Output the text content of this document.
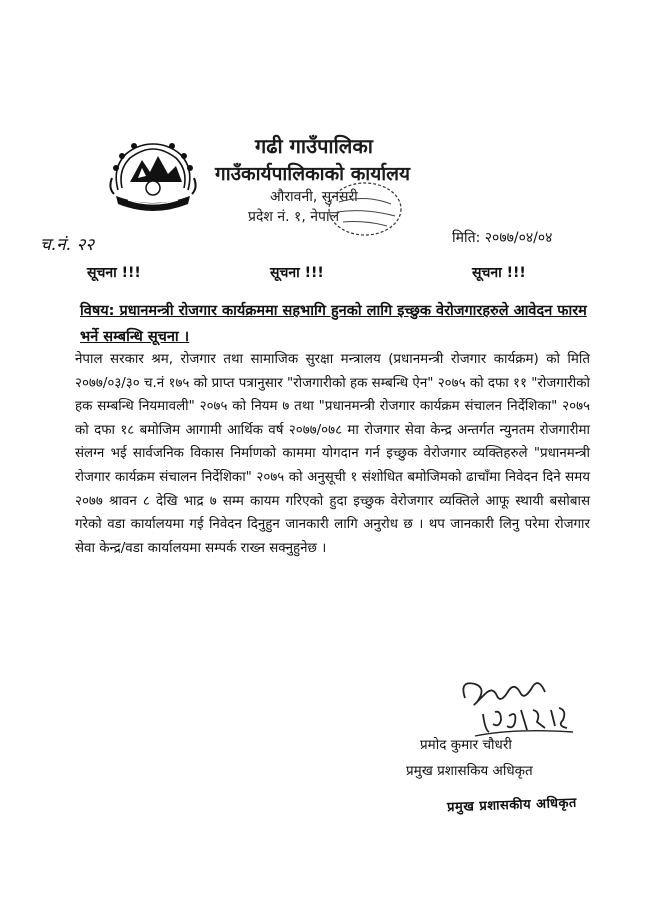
गढी गाउँपालिका
गाउँकार्यपालिकाको कार्यालय
औरावनी, सुनसरी
प्रदेश नं. १, नेपाल
च.नं. २२	मिति: २०७७/०४/०४
सूचना !!!	सूचना !!!	सूचना !!!
विषय: प्रधानमन्त्री रोजगार कार्यक्रममा सहभागि हुनको लागि इच्छुक वेरोजगारहरुले आवेदन फारम भर्ने सम्बन्धि सूचना ।
नेपाल सरकार श्रम, रोजगार तथा सामाजिक सुरक्षा मन्त्रालय (प्रधानमन्त्री रोजगार कार्यक्रम) को मिति २०७७/०३/३० च.नं १७५ को प्राप्त पत्रानुसार "रोजगारीको हक सम्बन्धि ऐन" २०७५ को दफा ११ "रोजगारीको हक सम्बन्धि नियमावली" २०७५ को नियम ७ तथा "प्रधानमन्त्री रोजगार कार्यक्रम संचालन निर्देशिका" २०७५ को दफा १८ बमोजिम आगामी आर्थिक वर्ष २०७७/०७८ मा रोजगार सेवा केन्द्र अन्तर्गत न्युनतम रोजगारीमा संलग्न भई सार्वजनिक विकास निर्माणको काममा योगदान गर्न इच्छुक वेरोजगार व्यक्तिहरुले "प्रधानमन्त्री रोजगार कार्यक्रम संचालन निर्देशिका" २०७५ को अनुसूची १ संशोधित बमोजिमको ढाचाँमा निवेदन दिने समय २०७७ श्रावन ८ देखि भाद्र ७ सम्म कायम गरिएको हुदा इच्छुक वेरोजगार व्यक्तिले आफू स्थायी बसोबास गरेको वडा कार्यालयमा गई निवेदन दिनुहुन जानकारी लागि अनुरोध छ । थप जानकारी लिनु परेमा रोजगार सेवा केन्द्र/वडा कार्यालयमा सम्पर्क राख्न सक्नुहुनेछ ।
प्रमोद कुमार चौधरी
प्रमुख प्रशासकिय अधिकृत
प्रमुख प्रशासकीय अधिकृत
